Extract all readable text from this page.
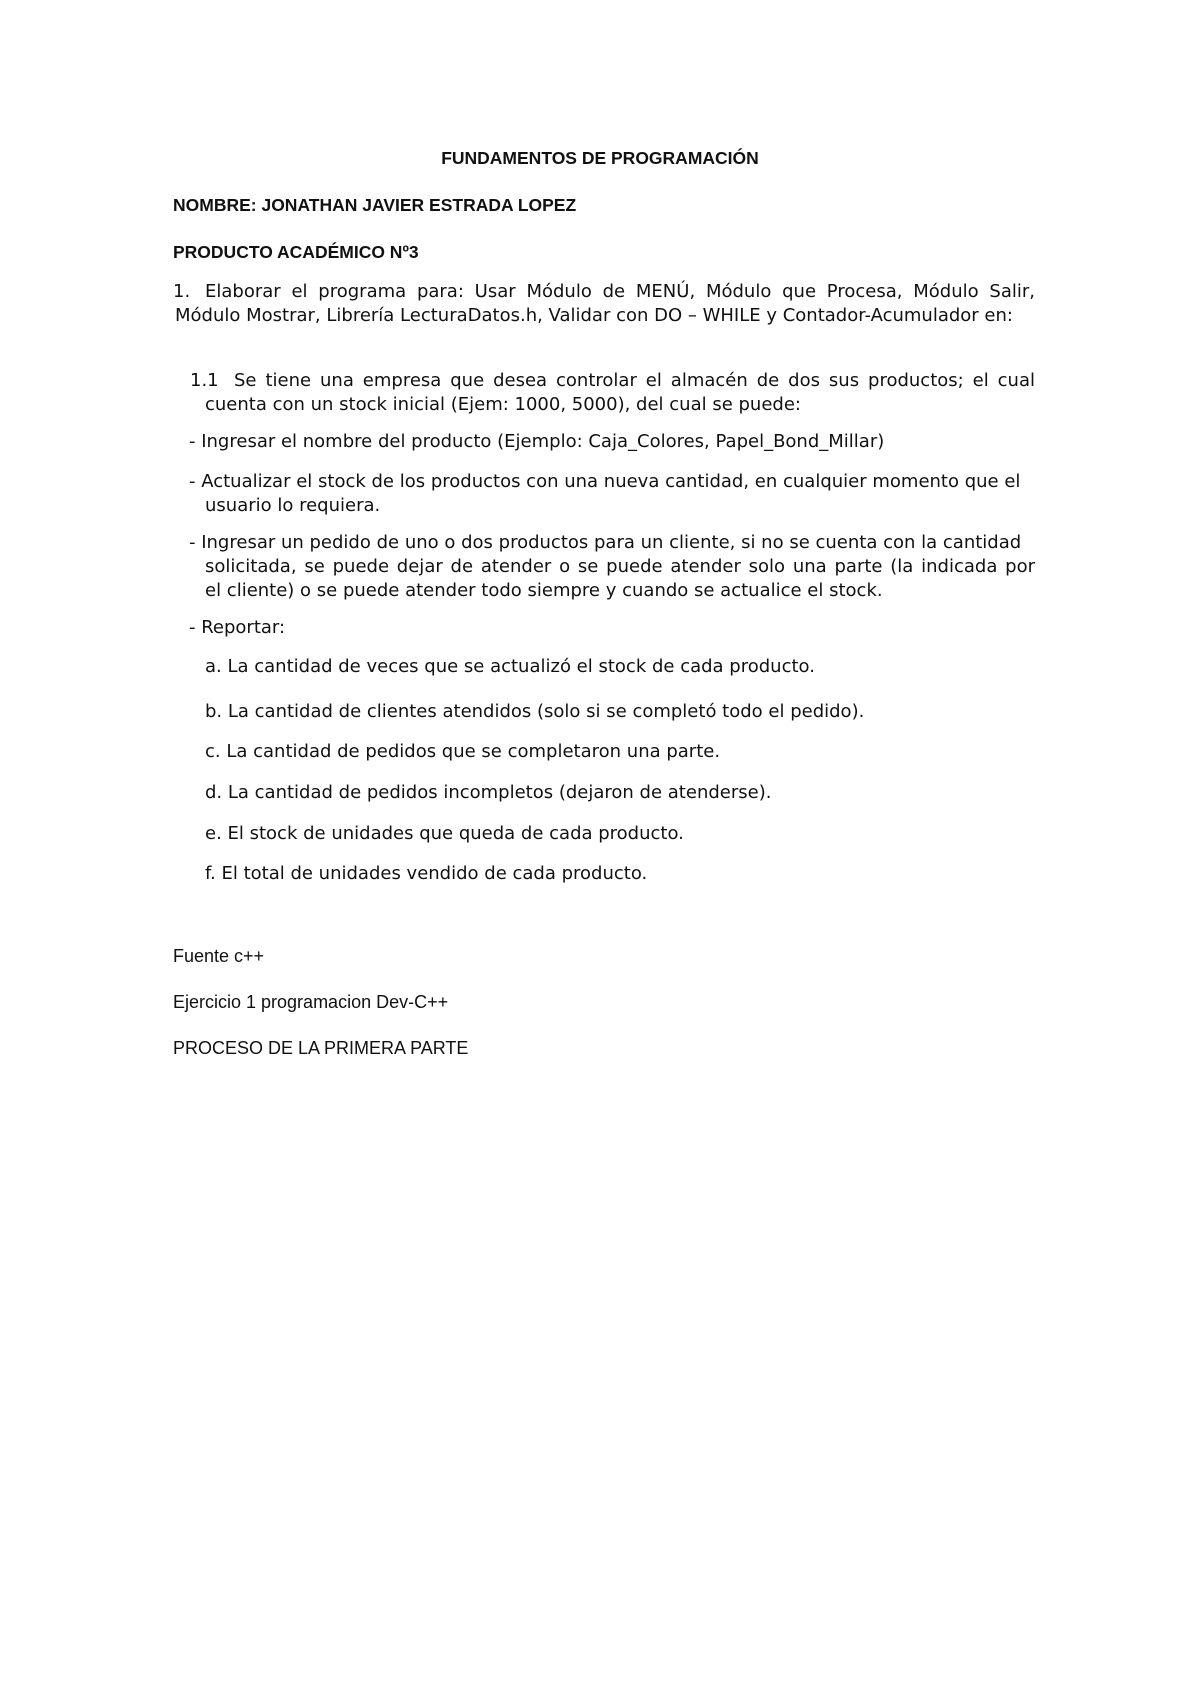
FUNDAMENTOS DE PROGRAMACIÓN
NOMBRE: JONATHAN JAVIER ESTRADA LOPEZ
PRODUCTO ACADÉMICO Nº3
1. Elaborar el programa para: Usar Módulo de MENÚ, Módulo que Procesa, Módulo Salir,
Módulo Mostrar, Librería LecturaDatos.h, Validar con DO – WHILE y Contador-Acumulador en:
1.1 Se tiene una empresa que desea controlar el almacén de dos sus productos; el cual
cuenta con un stock inicial (Ejem: 1000, 5000), del cual se puede:
- Ingresar el nombre del producto (Ejemplo: Caja_Colores, Papel_Bond_Millar)
- Actualizar el stock de los productos con una nueva cantidad, en cualquier momento que el
usuario lo requiera.
- Ingresar un pedido de uno o dos productos para un cliente, si no se cuenta con la cantidad
solicitada, se puede dejar de atender o se puede atender solo una parte (la indicada por
el cliente) o se puede atender todo siempre y cuando se actualice el stock.
- Reportar:
a. La cantidad de veces que se actualizó el stock de cada producto.
b. La cantidad de clientes atendidos (solo si se completó todo el pedido).
c. La cantidad de pedidos que se completaron una parte.
d. La cantidad de pedidos incompletos (dejaron de atenderse).
e. El stock de unidades que queda de cada producto.
f. El total de unidades vendido de cada producto.
Fuente c++
Ejercicio 1 programacion Dev-C++
PROCESO DE LA PRIMERA PARTE
